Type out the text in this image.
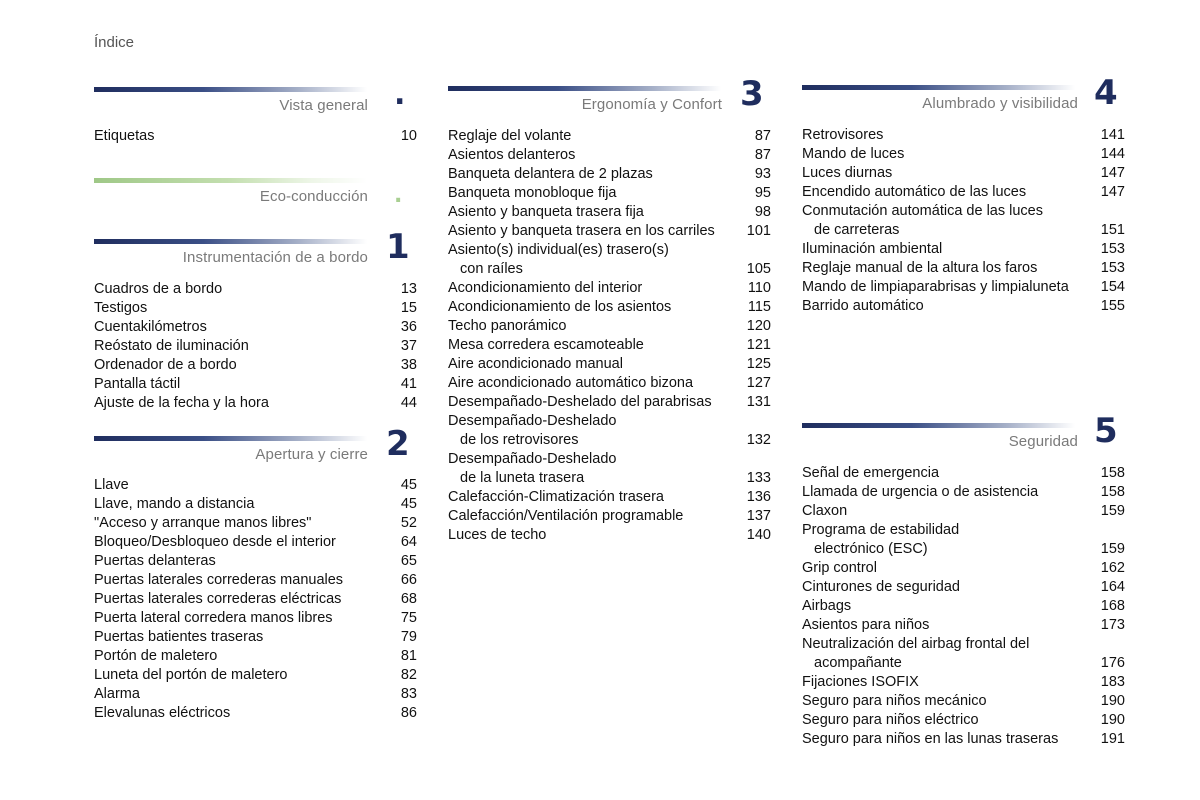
Índice
Vista general .
Etiquetas	10
Eco-conducción .
Instrumentación de a bordo 1
Cuadros de a bordo	13
Testigos	15
Cuentakilómetros	36
Reóstato de iluminación	37
Ordenador de a bordo	38
Pantalla táctil	41
Ajuste de la fecha y la hora	44
Apertura y cierre 2
Llave	45
Llave, mando a distancia	45
"Acceso y arranque manos libres"	52
Bloqueo/Desbloqueo desde el interior	64
Puertas delanteras	65
Puertas laterales correderas manuales	66
Puertas laterales correderas eléctricas	68
Puerta lateral corredera manos libres	75
Puertas batientes traseras	79
Portón de maletero	81
Luneta del portón de maletero	82
Alarma	83
Elevalunas eléctricos	86
Ergonomía y Confort 3
Reglaje del volante	87
Asientos delanteros	87
Banqueta delantera de 2 plazas	93
Banqueta monobloque fija	95
Asiento y banqueta trasera fija	98
Asiento y banqueta trasera en los carriles	101
Asiento(s) individual(es) trasero(s)
con raíles	105
Acondicionamiento del interior	110
Acondicionamiento de los asientos	115
Techo panorámico	120
Mesa corredera escamoteable	121
Aire acondicionado manual	125
Aire acondicionado automático bizona	127
Desempañado-Deshelado del parabrisas	131
Desempañado-Deshelado
de los retrovisores	132
Desempañado-Deshelado
de la luneta trasera	133
Calefacción-Climatización trasera	136
Calefacción/Ventilación programable	137
Luces de techo	140
Alumbrado y visibilidad 4
Retrovisores	141
Mando de luces	144
Luces diurnas	147
Encendido automático de las luces	147
Conmutación automática de las luces
de carreteras	151
Iluminación ambiental	153
Reglaje manual de la altura los faros	153
Mando de limpiaparabrisas y limpialuneta	154
Barrido automático	155
Seguridad 5
Señal de emergencia	158
Llamada de urgencia o de asistencia	158
Claxon	159
Programa de estabilidad
electrónico (ESC)	159
Grip control	162
Cinturones de seguridad	164
Airbags	168
Asientos para niños	173
Neutralización del airbag frontal del
acompañante	176
Fijaciones ISOFIX	183
Seguro para niños mecánico	190
Seguro para niños eléctrico	190
Seguro para niños en las lunas traseras	191
